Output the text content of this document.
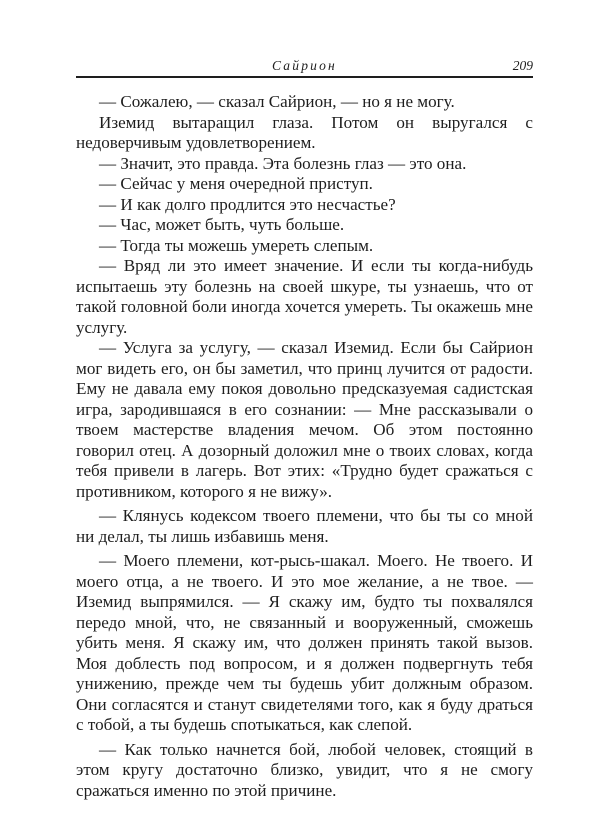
Сайрион	209

— Сожалею, — сказал Сайрион, — но я не могу.

Иземид вытаращил глаза. Потом он выругался с недоверчивым удовлетворением.

— Значит, это правда. Эта болезнь глаз — это она.

— Сейчас у меня очередной приступ.

— И как долго продлится это несчастье?

— Час, может быть, чуть больше.

— Тогда ты можешь умереть слепым.

— Вряд ли это имеет значение. И если ты когда-нибудь испытаешь эту болезнь на своей шкуре, ты узнаешь, что от такой головной боли иногда хочется умереть. Ты окажешь мне услугу.

— Услуга за услугу, — сказал Иземид. Если бы Сайрион мог видеть его, он бы заметил, что принц лучится от радости. Ему не давала ему покоя довольно предсказуемая садистская игра, зародившаяся в его сознании: — Мне рассказывали о твоем мастерстве владения мечом. Об этом постоянно говорил отец. А дозорный доложил мне о твоих словах, когда тебя привели в лагерь. Вот этих: «Трудно будет сражаться с противником, которого я не вижу».

— Клянусь кодексом твоего племени, что бы ты со мной ни делал, ты лишь избавишь меня.

— Моего племени, кот-рысь-шакал. Моего. Не твоего. И моего отца, а не твоего. И это мое желание, а не твое. — Иземид выпрямился. — Я скажу им, будто ты похвалялся передо мной, что, не связанный и вооруженный, сможешь убить меня. Я скажу им, что должен принять такой вызов. Моя доблесть под вопросом, и я должен подвергнуть тебя унижению, прежде чем ты будешь убит должным образом. Они согласятся и станут свидетелями того, как я буду драться с тобой, а ты будешь спотыкаться, как слепой.

— Как только начнется бой, любой человек, стоящий в этом кругу достаточно близко, увидит, что я не смогу сражаться именно по этой причине.
